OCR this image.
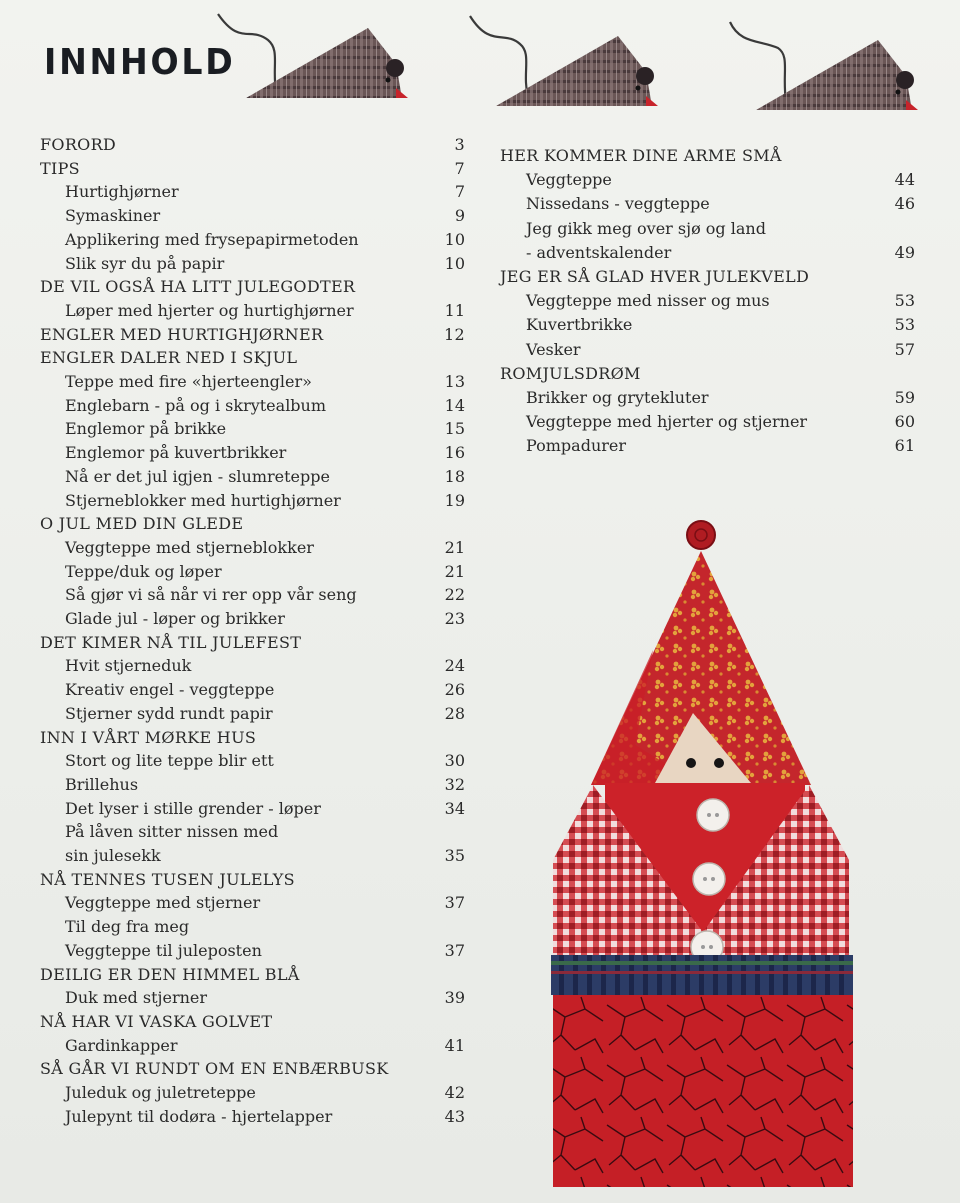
INNHOLD
FORORD	3
TIPS	7
Hurtighjørner	7
Symaskiner	9
Applikering med frysepapirmetoden	10
Slik syr du på papir	10
DE VIL OGSÅ HA LITT JULEGODTER
Løper med hjerter og hurtighjørner	11
ENGLER MED HURTIGHJØRNER	12
ENGLER DALER NED I SKJUL
Teppe med fire «hjerteengler»	13
Englebarn - på og i skrytealbum	14
Englemor på brikke	15
Englemor på kuvertbrikker	16
Nå er det jul igjen - slumreteppe	18
Stjerneblokker med hurtighjørner	19
O JUL MED DIN GLEDE
Veggteppe med stjerneblokker	21
Teppe/duk og løper	21
Så gjør vi så når vi rer opp vår seng	22
Glade jul - løper og brikker	23
DET KIMER NÅ TIL JULEFEST
Hvit stjerneduk	24
Kreativ engel - veggteppe	26
Stjerner sydd rundt papir	28
INN I VÅRT MØRKE HUS
Stort og lite teppe blir ett	30
Brillehus	32
Det lyser i stille grender - løper	34
På låven sitter nissen med
sin julesekk	35
NÅ TENNES TUSEN JULELYS
Veggteppe med stjerner	37
Til deg fra meg
Veggteppe til juleposten	37
DEILIG ER DEN HIMMEL BLÅ
Duk med stjerner	39
NÅ HAR VI VASKA GOLVET
Gardinkapper	41
SÅ GÅR VI RUNDT OM EN ENBÆRBUSK
Juleduk og juletreteppe	42
Julepynt til dodøra - hjertelapper	43
HER KOMMER DINE ARME SMÅ
Veggteppe	44
Nissedans - veggteppe	46
Jeg gikk meg over sjø og land
- adventskalender	49
JEG ER SÅ GLAD HVER JULEKVELD
Veggteppe med nisser og mus	53
Kuvertbrikke	53
Vesker	57
ROMJULSDRØM
Brikker og grytekluter	59
Veggteppe med hjerter og stjerner	60
Pompadurer	61
